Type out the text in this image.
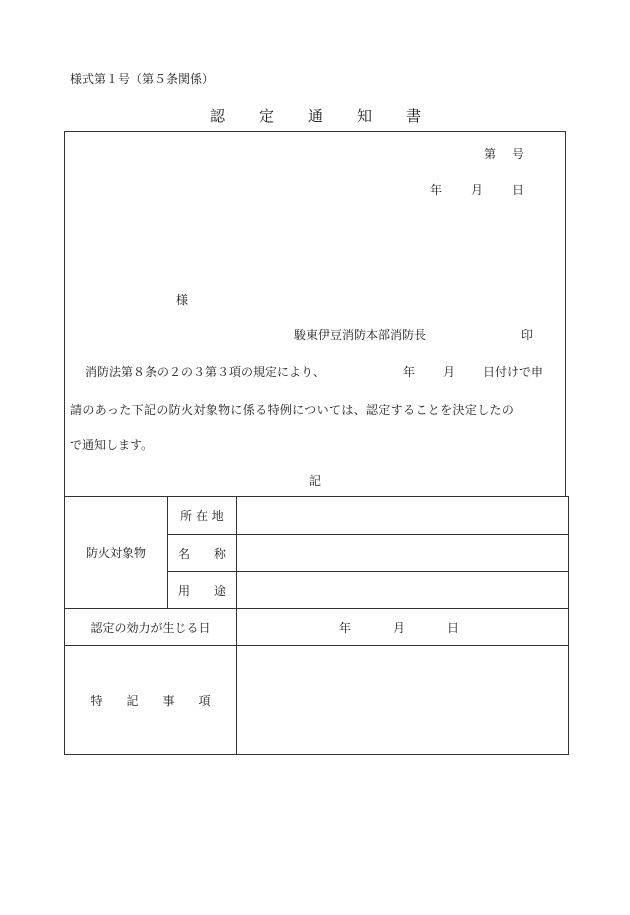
様式第１号（第５条関係）
認 定 通 知 書
第 号
年 月 日
様
駿東伊豆消防本部消防長	印
消防法第８条の２の３第３項の規定により、	年 月 日付けで申
請のあった下記の防火対象物に係る特例については、認定することを決定したの
で通知します。
記
防火対象物	所 在 地	
	名　　称	
	用　　途	
認定の効力が生じる日		年 月 日
特　　記　　事　　項		
